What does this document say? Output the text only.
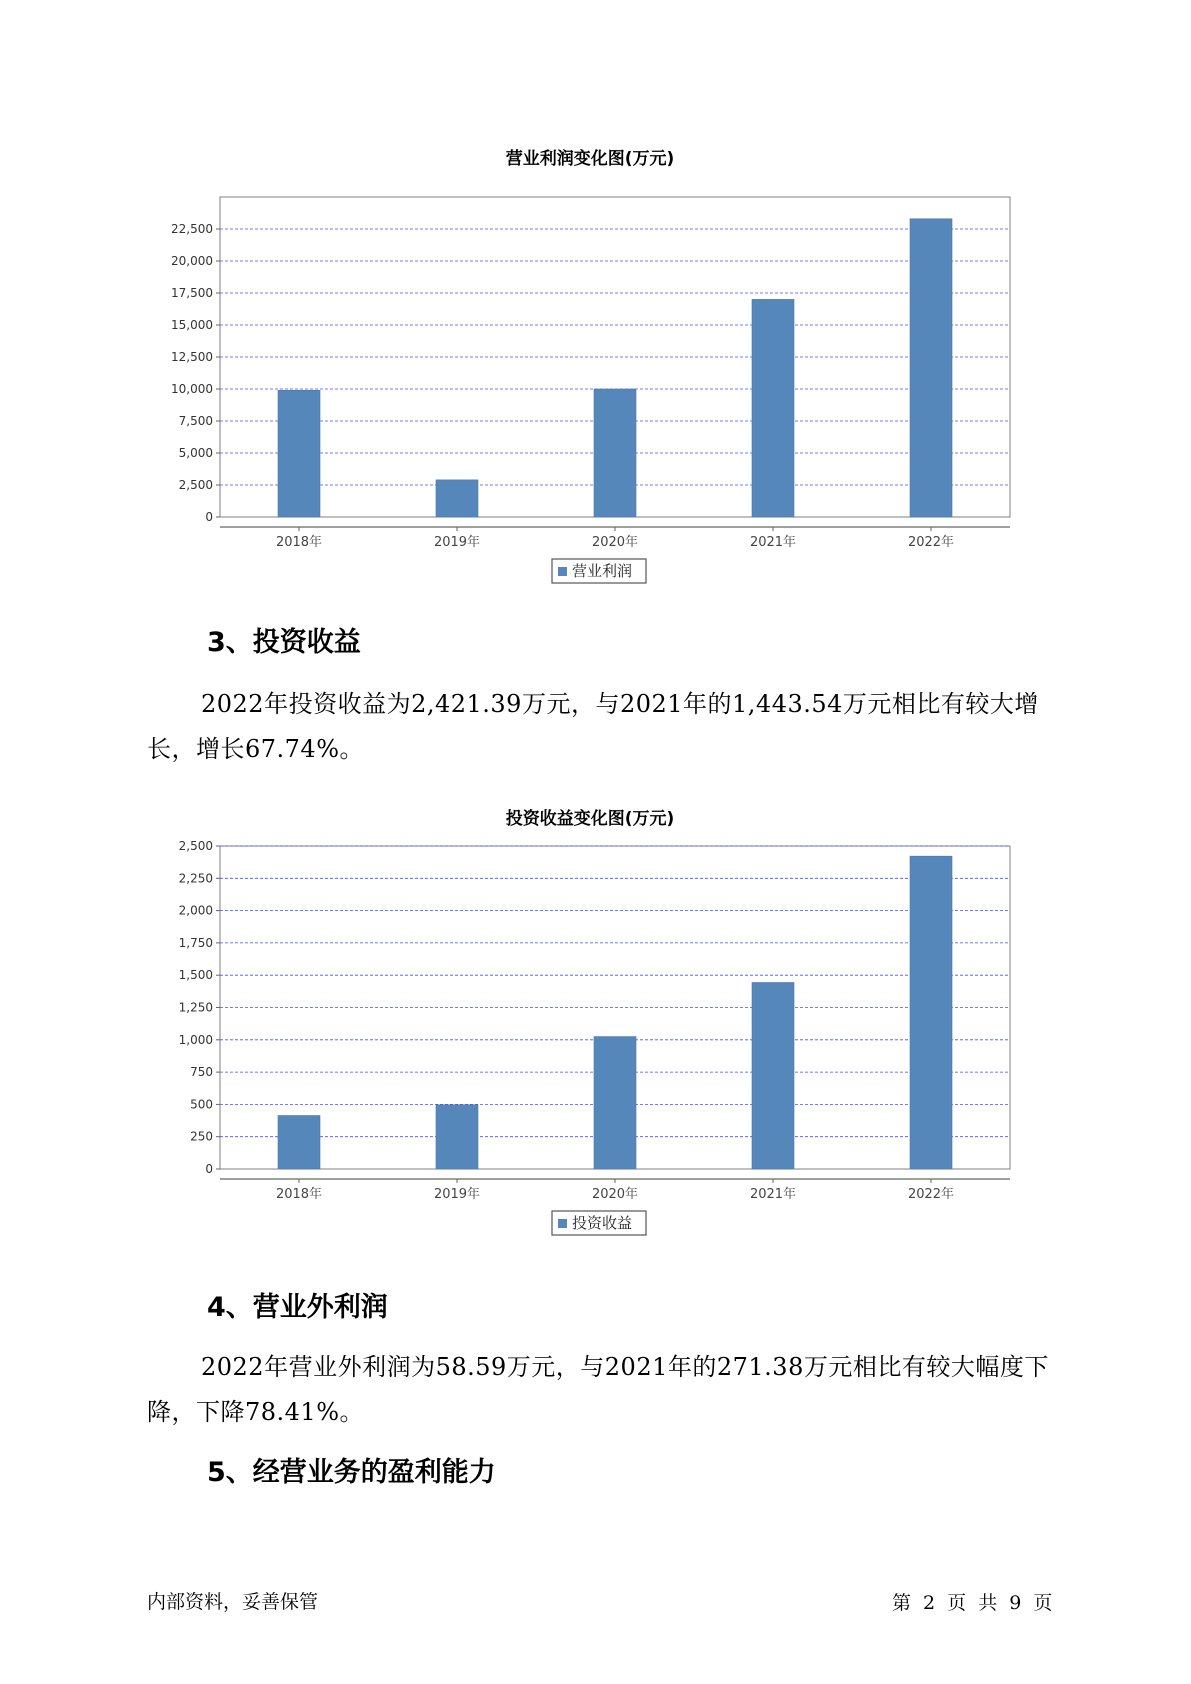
营业利润变化图(万元)
0
2,500
5,000
7,500
10,000
12,500
15,000
17,500
20,000
22,500
2018年	2019年	2020年	2021年	2022年
营业利润
3、投资收益

2022年投资收益为2,421.39万元，与2021年的1,443.54万元相比有较大增长，增长67.74%。

投资收益变化图(万元)
0
250
500
750
1,000
1,250
1,500
1,750
2,000
2,250
2,500
2018年	2019年	2020年	2021年	2022年
投资收益
4、营业外利润

2022年营业外利润为58.59万元，与2021年的271.38万元相比有较大幅度下降，下降78.41%。

5、经营业务的盈利能力
内部资料，妥善保管	第 2 页 共 9 页
